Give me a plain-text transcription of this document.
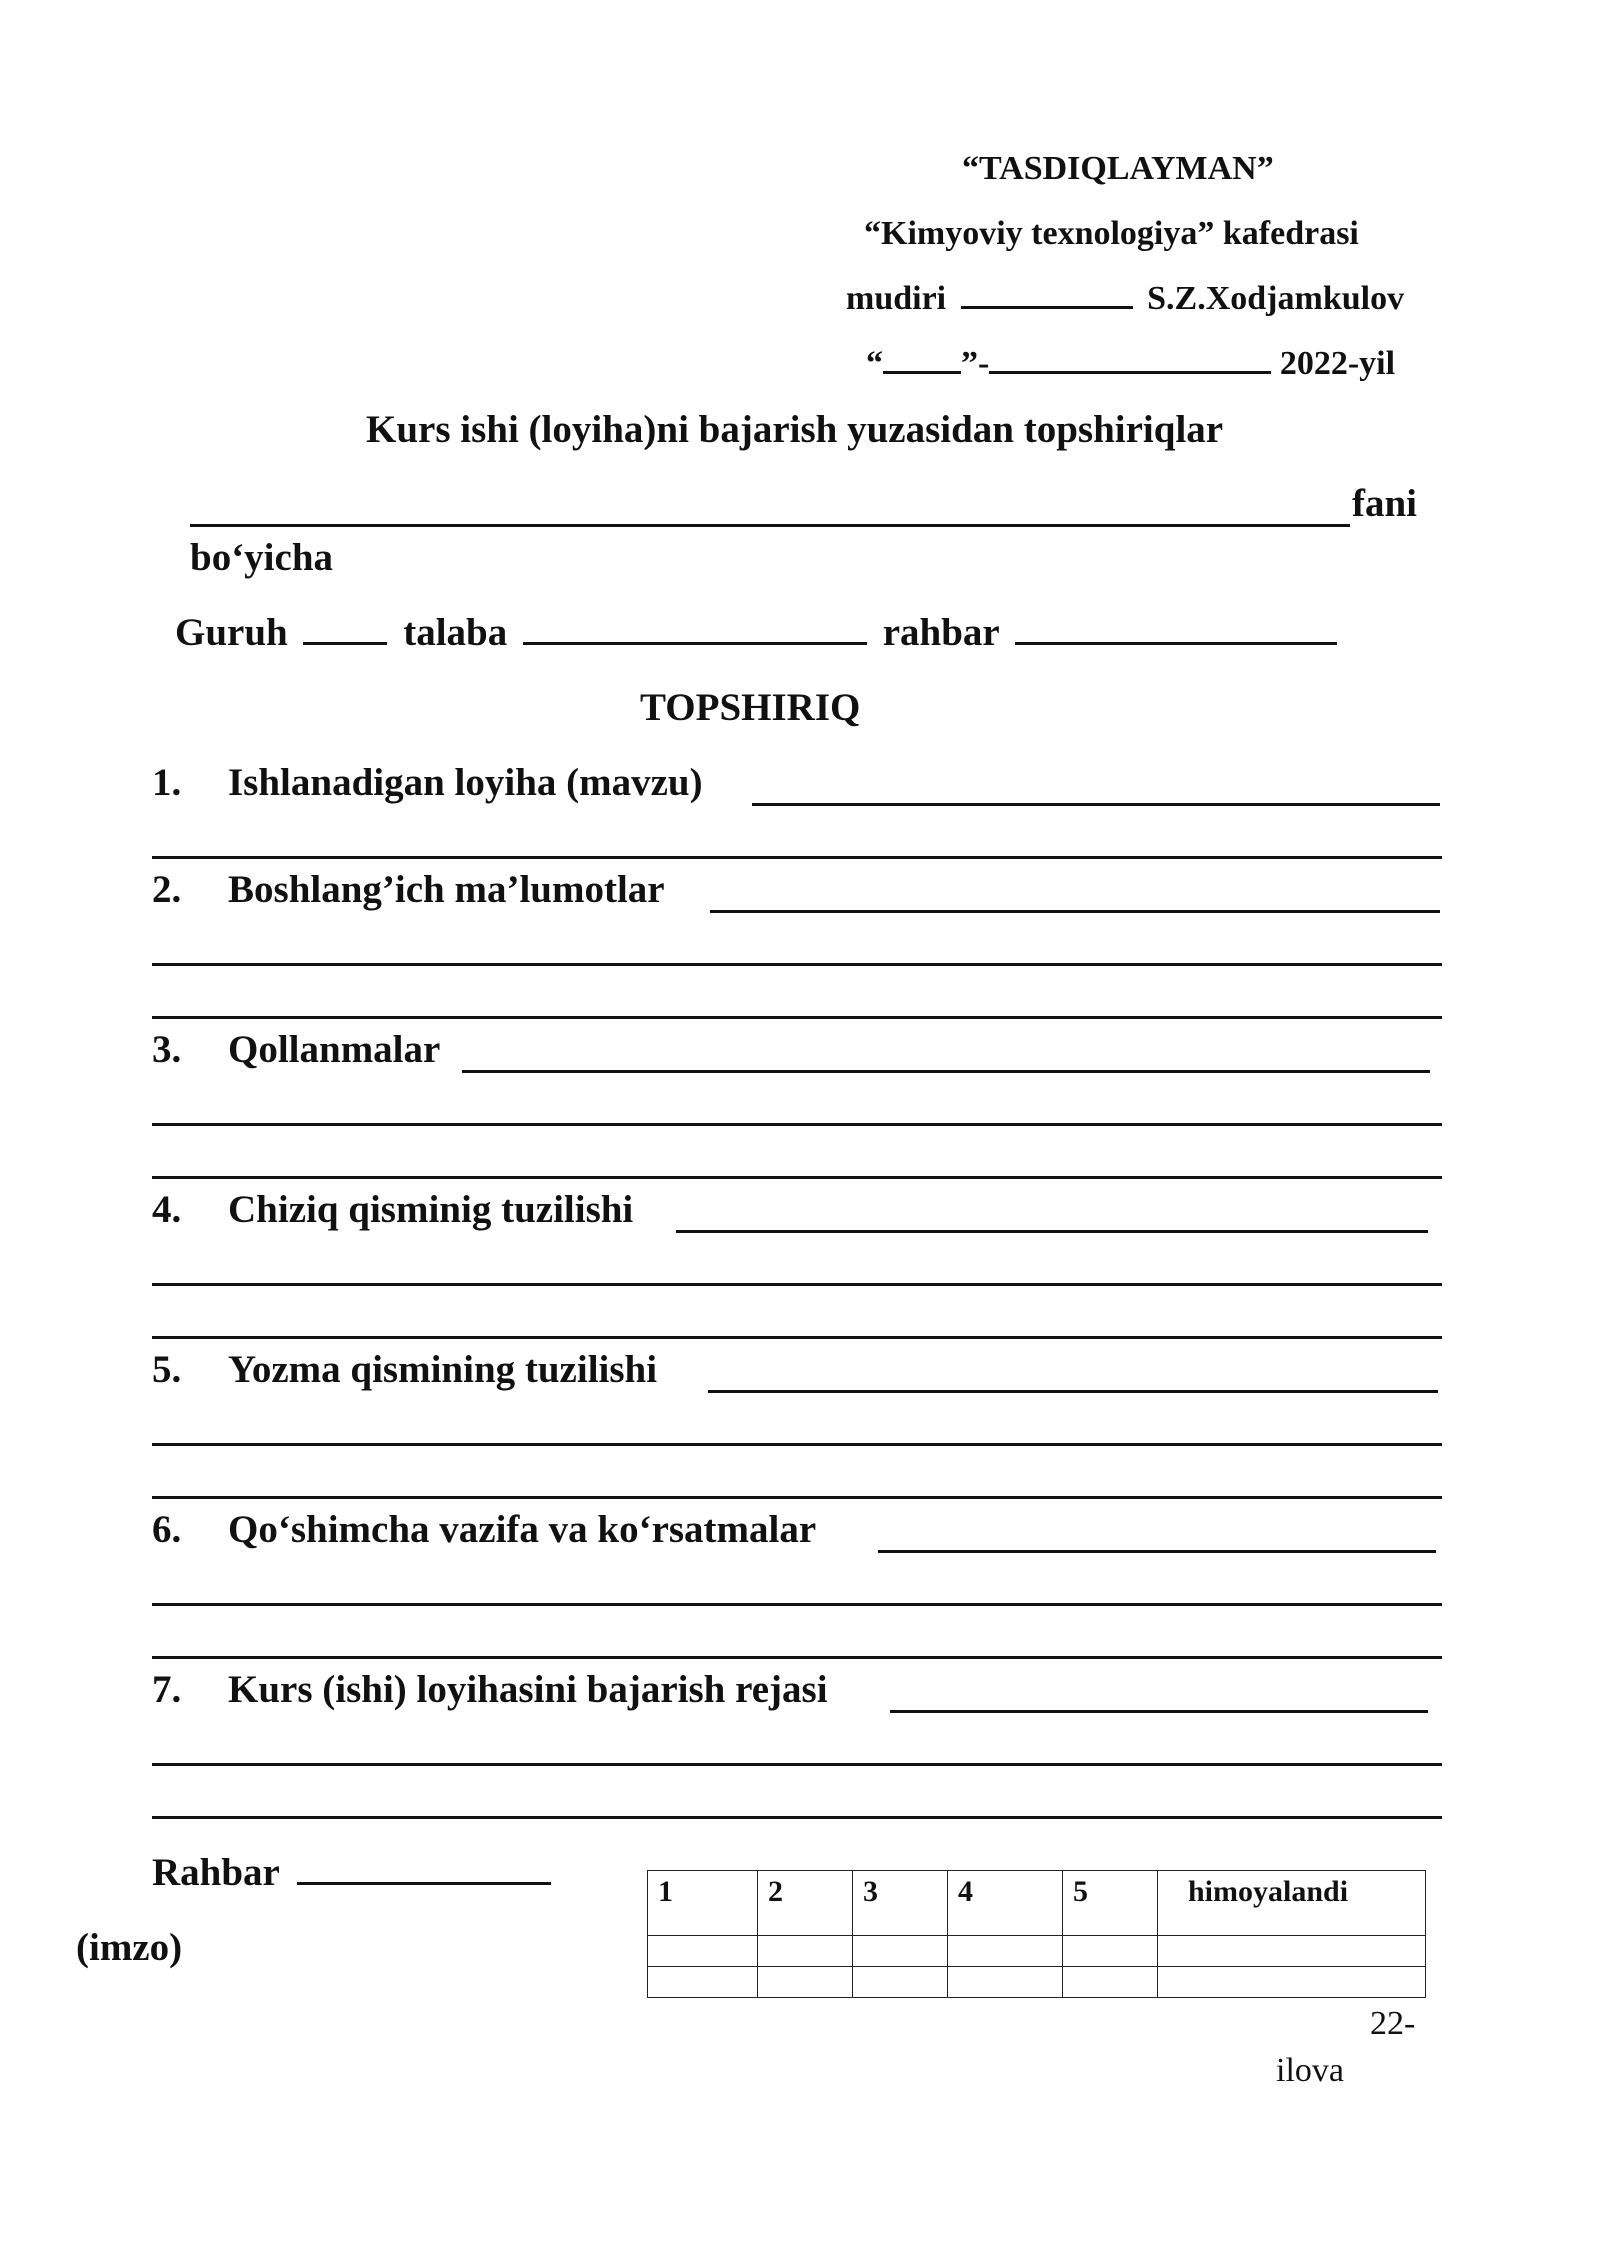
“TASDIQLAYMAN”
“Kimyoviy texnologiya” kafedrasi
mudiri	S.Z.Xodjamkulov
“ ”-	2022-yil
Kurs ishi (loyiha)ni bajarish yuzasidan topshiriqlar
fani
bo‘yicha
Guruh	talaba	rahbar
TOPSHIRIQ
1. Ishlanadigan loyiha (mavzu)
2. Boshlang’ich ma’lumotlar
3. Qollanmalar
4. Chiziq qisminig tuzilishi
5. Yozma qismining tuzilishi
6. Qo‘shimcha vazifa va ko‘rsatmalar
7. Kurs (ishi) loyihasini bajarish rejasi
Rahbar
(imzo)
1	2	3	4	5	himoyalandi

22-
ilova
